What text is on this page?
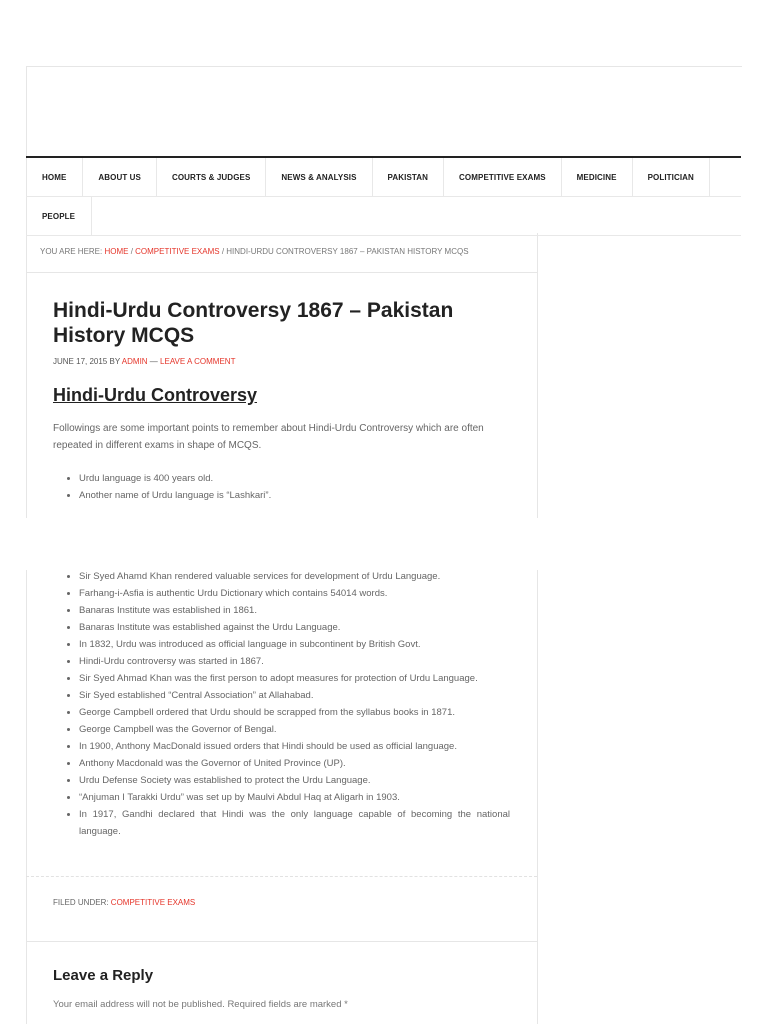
HOME	ABOUT US	COURTS & JUDGES	NEWS & ANALYSIS	PAKISTAN	COMPETITIVE EXAMS	MEDICINE	POLITICIAN
PEOPLE
YOU ARE HERE: HOME / COMPETITIVE EXAMS / HINDI-URDU CONTROVERSY 1867 – PAKISTAN HISTORY MCQS
Hindi-Urdu Controversy 1867 – Pakistan History MCQS
JUNE 17, 2015 BY ADMIN — LEAVE A COMMENT
Hindi-Urdu Controversy

Followings are some important points to remember about Hindi-Urdu Controversy which are often repeated in different exams in shape of MCQS.

• Urdu language is 400 years old.
• Another name of Urdu language is “Lashkari”.
• Sir Syed Ahamd Khan rendered valuable services for development of Urdu Language.
• Farhang-i-Asfia is authentic Urdu Dictionary which contains 54014 words.
• Banaras Institute was established in 1861.
• Banaras Institute was established against the Urdu Language.
• In 1832, Urdu was introduced as official language in subcontinent by British Govt.
• Hindi-Urdu controversy was started in 1867.
• Sir Syed Ahmad Khan was the first person to adopt measures for protection of Urdu Language.
• Sir Syed established “Central Association” at Allahabad.
• George Campbell ordered that Urdu should be scrapped from the syllabus books in 1871.
• George Campbell was the Governor of Bengal.
• In 1900, Anthony MacDonald issued orders that Hindi should be used as official language.
• Anthony Macdonald was the Governor of United Province (UP).
• Urdu Defense Society was established to protect the Urdu Language.
• “Anjuman I Tarakki Urdu” was set up by Maulvi Abdul Haq at Aligarh in 1903.
• In 1917, Gandhi declared that Hindi was the only language capable of becoming the national language.
FILED UNDER: COMPETITIVE EXAMS
Leave a Reply
Your email address will not be published. Required fields are marked *
